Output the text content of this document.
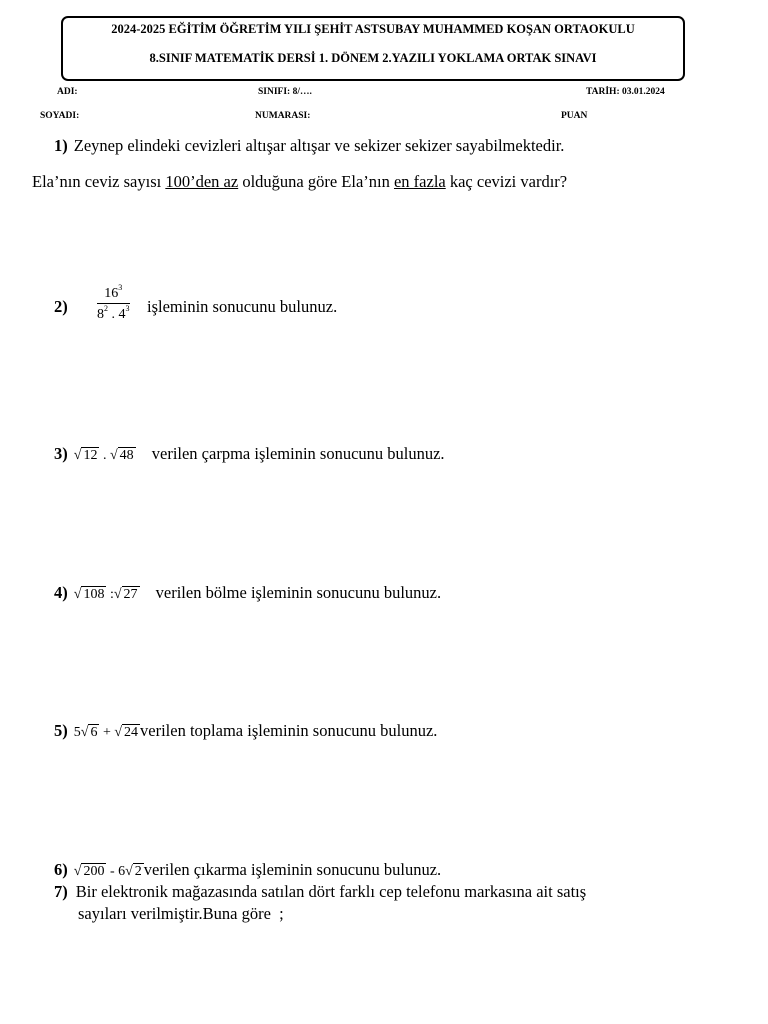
2024-2025 EĞİTİM ÖĞRETİM YILI ŞEHİT ASTSUBAY MUHAMMED KOŞAN ORTAOKULU
8.SINIF MATEMATİK DERSİ 1. DÖNEM 2.YAZILI YOKLAMA ORTAK SINAVI
ADI:	SINIFI: 8/….	TARİH: 03.01.2024
SOYADI:	NUMARASI:	PUAN
1) Zeynep elindeki cevizleri altışar altışar ve sekizer sekizer sayabilmektedir.
Ela’nın ceviz sayısı 100’den az olduğuna göre Ela’nın en fazla kaç cevizi vardır?
2)	$\frac{16^3}{8^2 . 4^3}$ işleminin sonucunu bulunuz.
3) √ 12 . √ 48 verilen çarpma işleminin sonucunu bulunuz.
4) √ 108 :√ 27 verilen bölme işleminin sonucunu bulunuz.
5) 5√ 6 + √ 24 verilen toplama işleminin sonucunu bulunuz.
6) √ 200 - 6√ 2 verilen çıkarma işleminin sonucunu bulunuz.
7) Bir elektronik mağazasında satılan dört farklı cep telefonu markasına ait satış
sayıları verilmiştir.Buna göre  ;
